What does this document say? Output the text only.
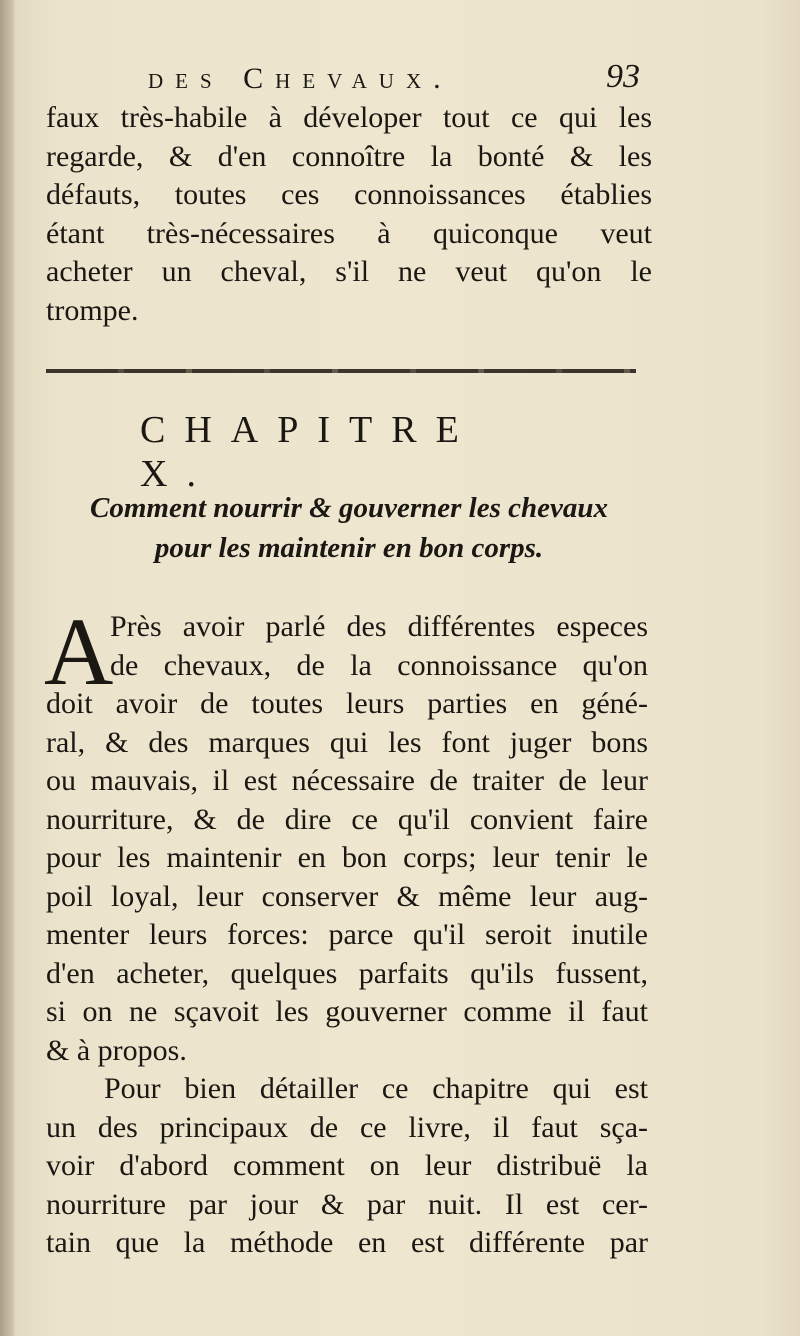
des Chevaux.	93
faux très-habile à déveloper tout ce qui les
regarde, & d'en connoître la bonté & les
défauts, toutes ces connoissances établies
étant très-nécessaires à quiconque veut
acheter un cheval, s'il ne veut qu'on le
trompe.
CHAPITRE X.
Comment nourrir & gouverner les chevaux
pour les maintenir en bon corps.
A
Près avoir parlé des différentes especes
de chevaux, de la connoissance qu'on
doit avoir de toutes leurs parties en géné-
ral, & des marques qui les font juger bons
ou mauvais, il est nécessaire de traiter de leur
nourriture, & de dire ce qu'il convient faire
pour les maintenir en bon corps; leur tenir le
poil loyal, leur conserver & même leur aug-
menter leurs forces: parce qu'il seroit inutile
d'en acheter, quelques parfaits qu'ils fussent,
si on ne sçavoit les gouverner comme il faut
& à propos.
Pour bien détailler ce chapitre qui est
un des principaux de ce livre, il faut sça-
voir d'abord comment on leur distribuë la
nourriture par jour & par nuit. Il est cer-
tain que la méthode en est différente par
